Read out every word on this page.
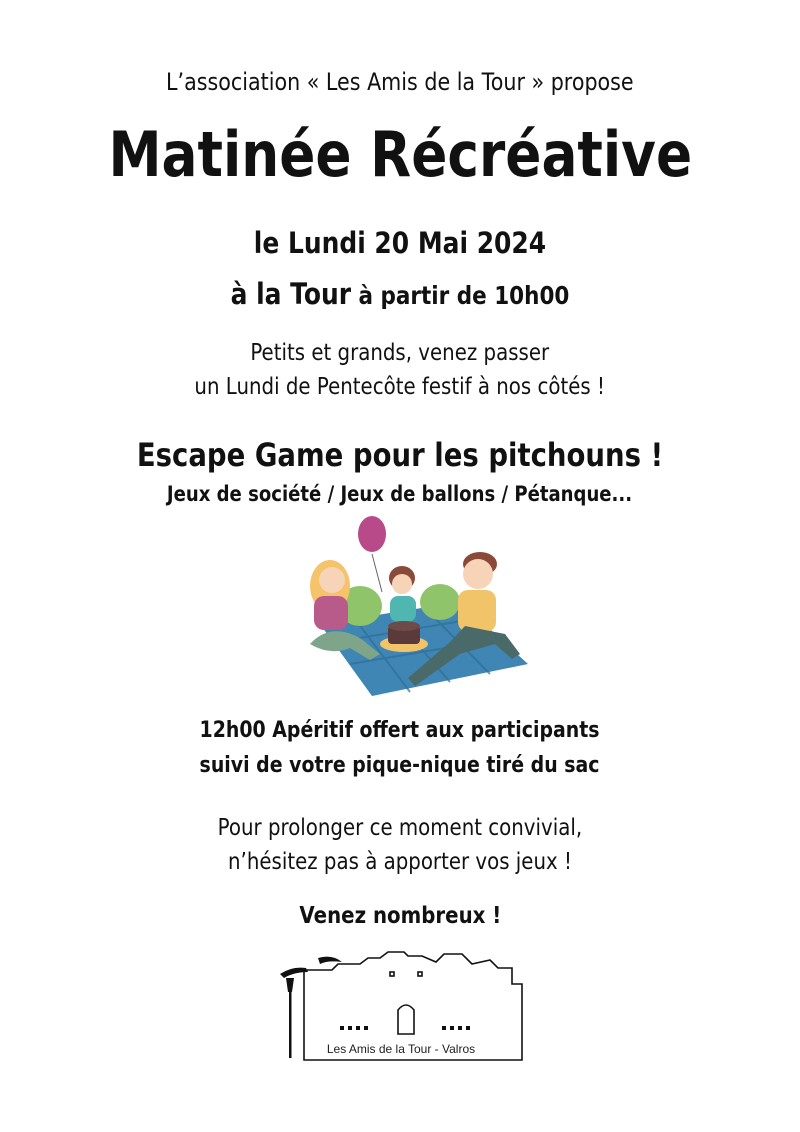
L’association « Les Amis de la Tour » propose
Matinée Récréative
le Lundi 20 Mai 2024
à la Tour à partir de 10h00
Petits et grands, venez passer
un Lundi de Pentecôte festif à nos côtés !
Escape Game pour les pitchouns !
Jeux de société / Jeux de ballons / Pétanque...
12h00 Apéritif offert aux participants
suivi de votre pique-nique tiré du sac
Pour prolonger ce moment convivial,
n’hésitez pas à apporter vos jeux !
Venez nombreux !
Les Amis de la Tour - Valros
